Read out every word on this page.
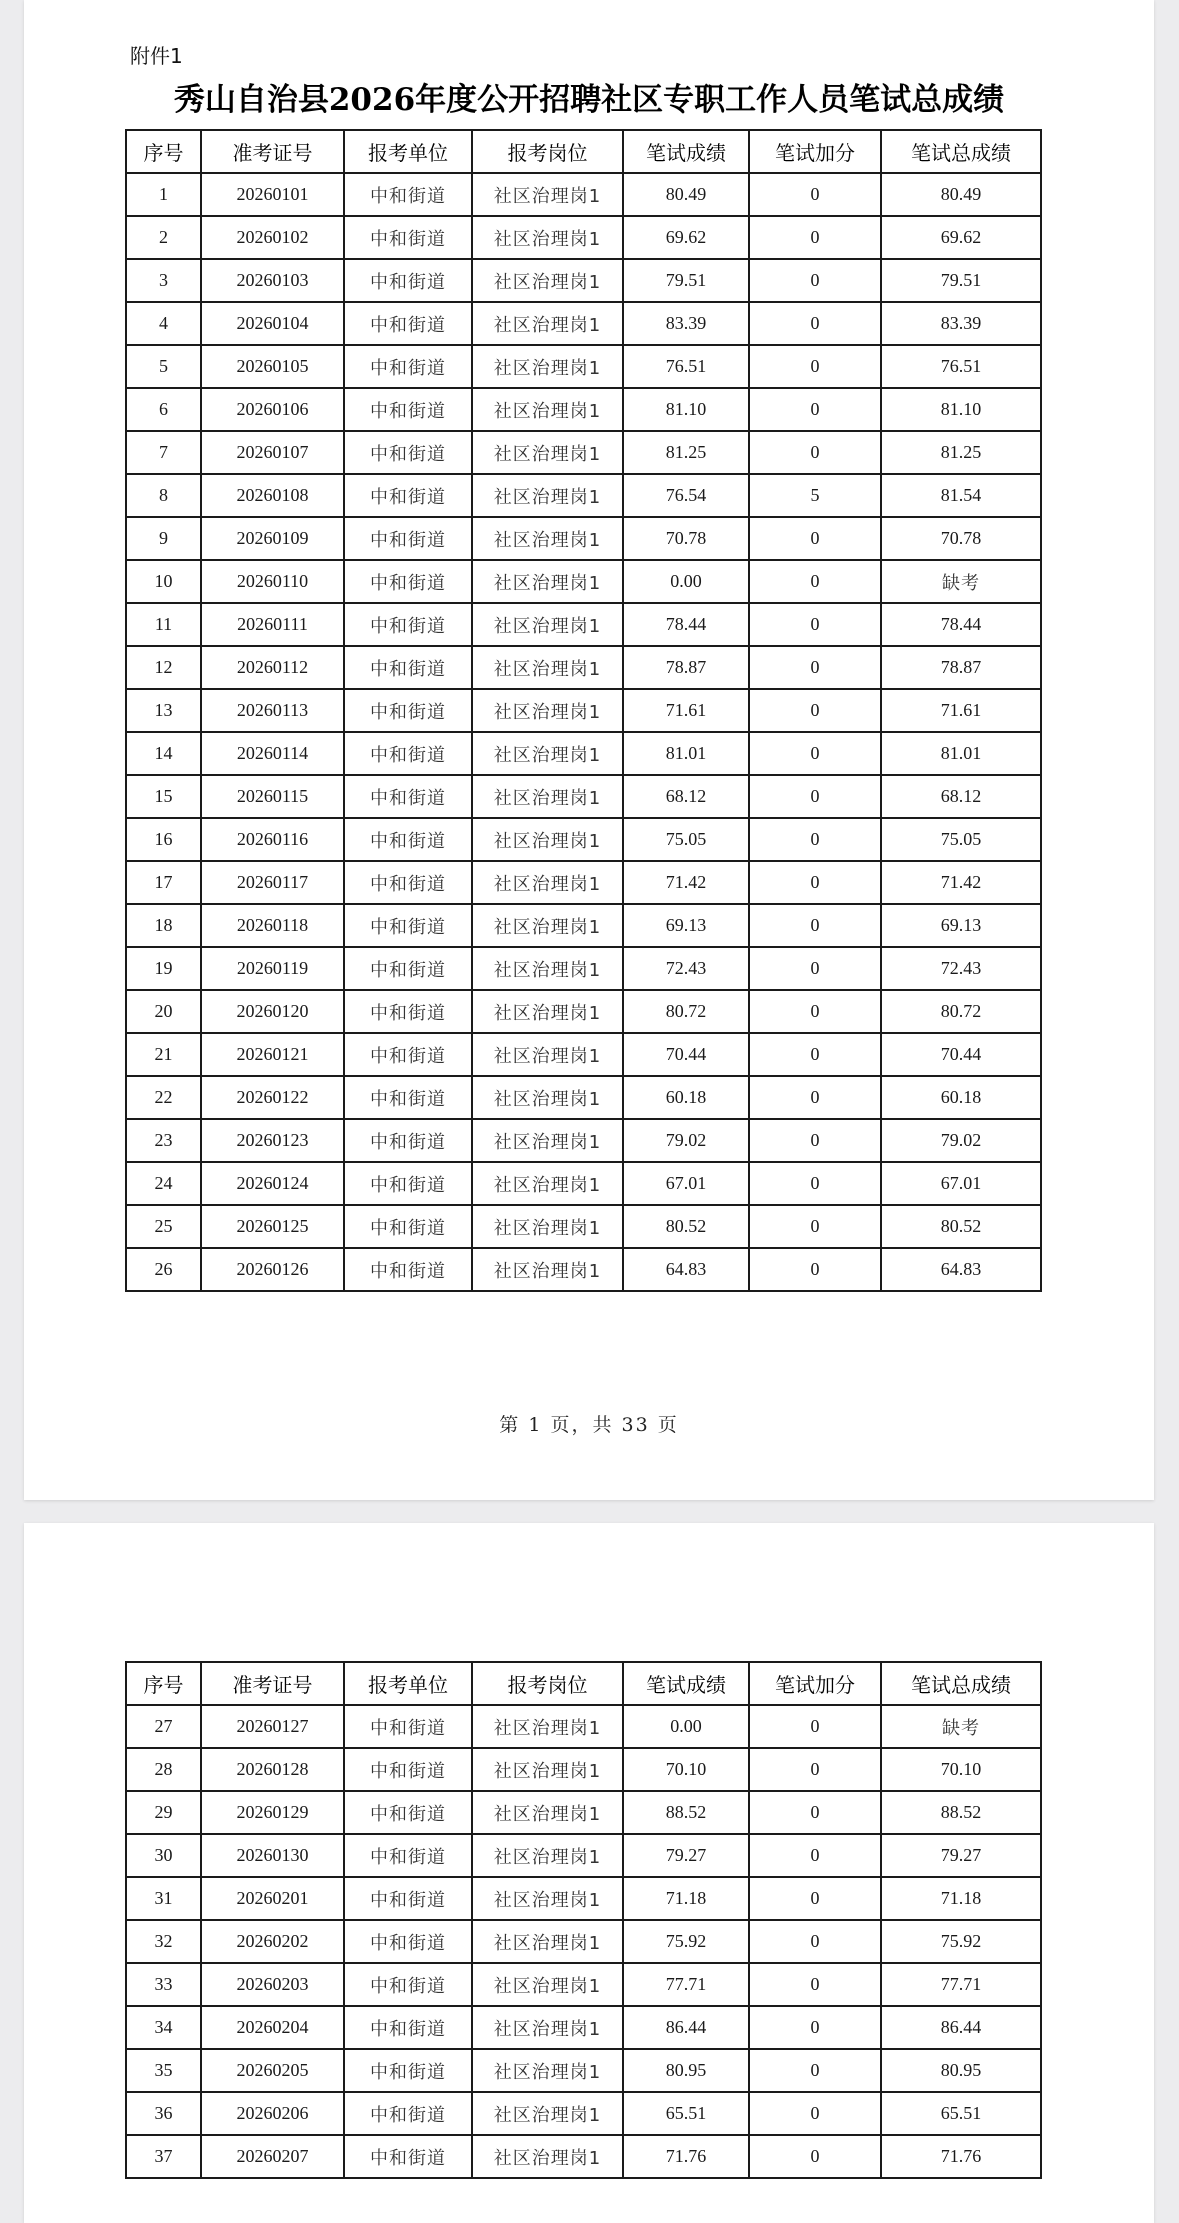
附件1
秀山自治县2026年度公开招聘社区专职工作人员笔试总成绩
序号	准考证号	报考单位	报考岗位	笔试成绩	笔试加分	笔试总成绩
1	20260101	中和街道	社区治理岗1	80.49	0	80.49
2	20260102	中和街道	社区治理岗1	69.62	0	69.62
3	20260103	中和街道	社区治理岗1	79.51	0	79.51
4	20260104	中和街道	社区治理岗1	83.39	0	83.39
5	20260105	中和街道	社区治理岗1	76.51	0	76.51
6	20260106	中和街道	社区治理岗1	81.10	0	81.10
7	20260107	中和街道	社区治理岗1	81.25	0	81.25
8	20260108	中和街道	社区治理岗1	76.54	5	81.54
9	20260109	中和街道	社区治理岗1	70.78	0	70.78
10	20260110	中和街道	社区治理岗1	0.00	0	缺考
11	20260111	中和街道	社区治理岗1	78.44	0	78.44
12	20260112	中和街道	社区治理岗1	78.87	0	78.87
13	20260113	中和街道	社区治理岗1	71.61	0	71.61
14	20260114	中和街道	社区治理岗1	81.01	0	81.01
15	20260115	中和街道	社区治理岗1	68.12	0	68.12
16	20260116	中和街道	社区治理岗1	75.05	0	75.05
17	20260117	中和街道	社区治理岗1	71.42	0	71.42
18	20260118	中和街道	社区治理岗1	69.13	0	69.13
19	20260119	中和街道	社区治理岗1	72.43	0	72.43
20	20260120	中和街道	社区治理岗1	80.72	0	80.72
21	20260121	中和街道	社区治理岗1	70.44	0	70.44
22	20260122	中和街道	社区治理岗1	60.18	0	60.18
23	20260123	中和街道	社区治理岗1	79.02	0	79.02
24	20260124	中和街道	社区治理岗1	67.01	0	67.01
25	20260125	中和街道	社区治理岗1	80.52	0	80.52
26	20260126	中和街道	社区治理岗1	64.83	0	64.83
第 1 页，共 33 页
序号	准考证号	报考单位	报考岗位	笔试成绩	笔试加分	笔试总成绩
27	20260127	中和街道	社区治理岗1	0.00	0	缺考
28	20260128	中和街道	社区治理岗1	70.10	0	70.10
29	20260129	中和街道	社区治理岗1	88.52	0	88.52
30	20260130	中和街道	社区治理岗1	79.27	0	79.27
31	20260201	中和街道	社区治理岗1	71.18	0	71.18
32	20260202	中和街道	社区治理岗1	75.92	0	75.92
33	20260203	中和街道	社区治理岗1	77.71	0	77.71
34	20260204	中和街道	社区治理岗1	86.44	0	86.44
35	20260205	中和街道	社区治理岗1	80.95	0	80.95
36	20260206	中和街道	社区治理岗1	65.51	0	65.51
37	20260207	中和街道	社区治理岗1	71.76	0	71.76
